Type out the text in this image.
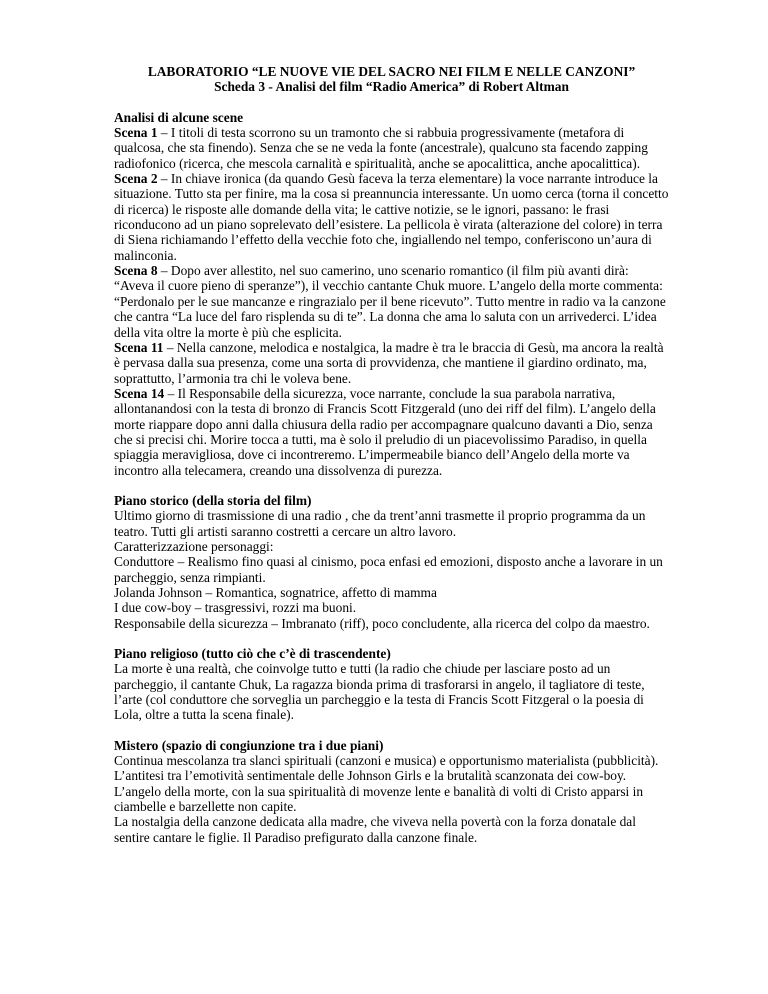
LABORATORIO “LE NUOVE VIE DEL SACRO NEI FILM E NELLE CANZONI”

Scheda 3 - Analisi del film “Radio America” di Robert Altman

Analisi di alcune scene

Scena 1 – I titoli di testa scorrono su un tramonto che si rabbuia progressivamente (metafora di qualcosa, che sta finendo). Senza che se ne veda la fonte (ancestrale), qualcuno sta facendo zapping radiofonico (ricerca, che mescola carnalità e spiritualità, anche se apocalittica, anche apocalittica).

Scena 2 – In chiave ironica (da quando Gesù faceva la terza elementare) la voce narrante introduce la situazione. Tutto sta per finire, ma la cosa si preannuncia interessante. Un uomo cerca (torna il concetto di ricerca) le risposte alle domande della vita; le cattive notizie, se le ignori, passano: le frasi riconducono ad un piano soprelevato dell’esistere. La pellicola è virata (alterazione del colore) in terra di Siena richiamando l’effetto della vecchie foto che, ingiallendo nel tempo, conferiscono un’aura di malinconia.

Scena 8 – Dopo aver allestito, nel suo camerino, uno scenario romantico (il film più avanti dirà: “Aveva il cuore pieno di speranze”), il vecchio cantante Chuk muore. L’angelo della morte commenta: “Perdonalo per le sue mancanze e ringrazialo per il bene ricevuto”. Tutto mentre in radio va la canzone che cantra “La luce del faro risplenda su di te”. La donna che ama lo saluta con un arrivederci. L’idea della vita oltre la morte è più che esplicita.

Scena 11 – Nella canzone, melodica e nostalgica, la madre è tra le braccia di Gesù, ma ancora la realtà è pervasa dalla sua presenza, come una sorta di provvidenza, che mantiene il giardino ordinato, ma, soprattutto, l’armonia tra chi le voleva bene.

Scena 14 – Il Responsabile della sicurezza, voce narrante, conclude la sua parabola narrativa, allontanandosi con la testa di bronzo di Francis Scott Fitzgerald (uno dei riff del film). L’angelo della morte riappare dopo anni dalla chiusura della radio per accompagnare qualcuno davanti a Dio, senza che si precisi chi. Morire tocca a tutti, ma è solo il preludio di un piacevolissimo Paradiso, in quella spiaggia meravigliosa, dove ci incontreremo. L’impermeabile bianco dell’Angelo della morte va incontro alla telecamera, creando una dissolvenza di purezza.

Piano storico (della storia del film)

Ultimo giorno di trasmissione di una radio , che da trent’anni trasmette il proprio programma da un teatro. Tutti gli artisti saranno costretti a cercare un altro lavoro.

Caratterizzazione personaggi:

Conduttore – Realismo fino quasi al cinismo, poca enfasi ed emozioni, disposto anche a lavorare in un parcheggio, senza rimpianti.

Jolanda Johnson – Romantica, sognatrice, affetto di mamma

I due cow-boy – trasgressivi, rozzi ma buoni.

Responsabile della sicurezza – Imbranato (riff), poco concludente, alla ricerca del colpo da maestro.

Piano religioso (tutto ciò che c’è di trascendente)

La morte è una realtà, che coinvolge tutto e tutti (la radio che chiude per lasciare posto ad un parcheggio, il cantante Chuk, La ragazza bionda prima di trasforarsi in angelo, il tagliatore di teste, l’arte (col conduttore che sorveglia un parcheggio e la testa di Francis Scott Fitzgeral o la poesia di Lola, oltre a tutta la scena finale).

Mistero (spazio di congiunzione tra i due piani)

Continua mescolanza tra slanci spirituali (canzoni e musica) e opportunismo materialista (pubblicità).

L’antitesi tra l’emotività sentimentale delle Johnson Girls e la brutalità scanzonata dei cow-boy.

L’angelo della morte, con la sua spiritualità di movenze lente e banalità di volti di Cristo apparsi in ciambelle e barzellette non capite.

La nostalgia della canzone dedicata alla madre, che viveva nella povertà con la forza donatale dal sentire cantare le figlie. Il Paradiso prefigurato dalla canzone finale.
